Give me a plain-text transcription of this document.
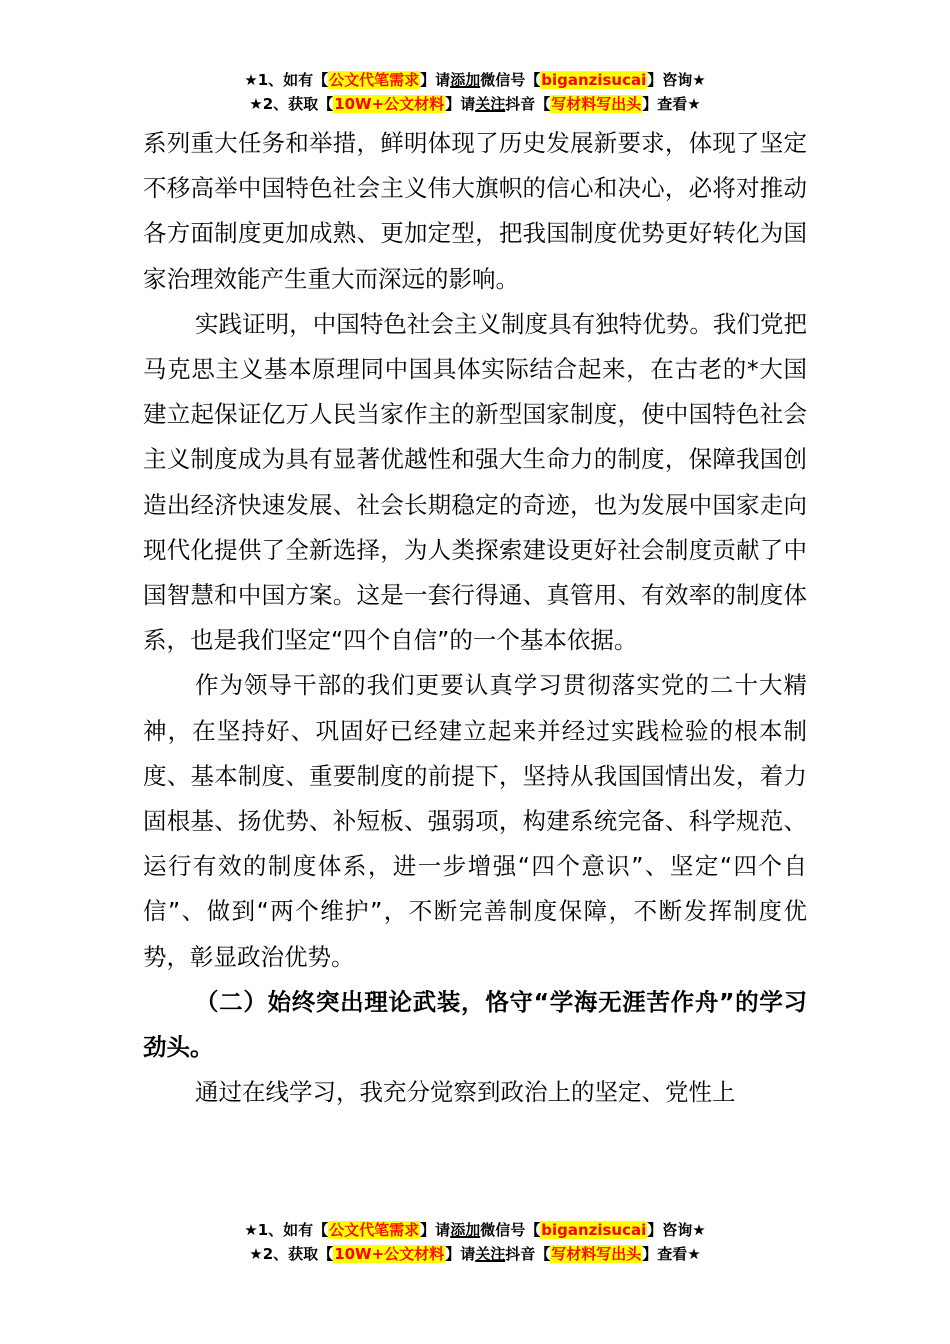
★1、如有【公文代笔需求】请添加微信号【biganzisucai】咨询★
★2、获取【10W+公文材料】请关注抖音【写材料写出头】查看★

系列重大任务和举措，鲜明体现了历史发展新要求，体现了坚定不移高举中国特色社会主义伟大旗帜的信心和决心，必将对推动各方面制度更加成熟、更加定型，把我国制度优势更好转化为国家治理效能产生重大而深远的影响。

实践证明，中国特色社会主义制度具有独特优势。我们党把马克思主义基本原理同中国具体实际结合起来，在古老的*大国建立起保证亿万人民当家作主的新型国家制度，使中国特色社会主义制度成为具有显著优越性和强大生命力的制度，保障我国创造出经济快速发展、社会长期稳定的奇迹，也为发展中国家走向现代化提供了全新选择，为人类探索建设更好社会制度贡献了中国智慧和中国方案。这是一套行得通、真管用、有效率的制度体系，也是我们坚定“四个自信”的一个基本依据。

作为领导干部的我们更要认真学习贯彻落实党的二十大精神，在坚持好、巩固好已经建立起来并经过实践检验的根本制度、基本制度、重要制度的前提下，坚持从我国国情出发，着力固根基、扬优势、补短板、强弱项，构建系统完备、科学规范、运行有效的制度体系，进一步增强“四个意识”、坚定“四个自信”、做到“两个维护”，不断完善制度保障，不断发挥制度优势，彰显政治优势。

（二）始终突出理论武装，恪守“学海无涯苦作舟”的学习劲头。

通过在线学习，我充分觉察到政治上的坚定、党性上

★1、如有【公文代笔需求】请添加微信号【biganzisucai】咨询★
★2、获取【10W+公文材料】请关注抖音【写材料写出头】查看★
